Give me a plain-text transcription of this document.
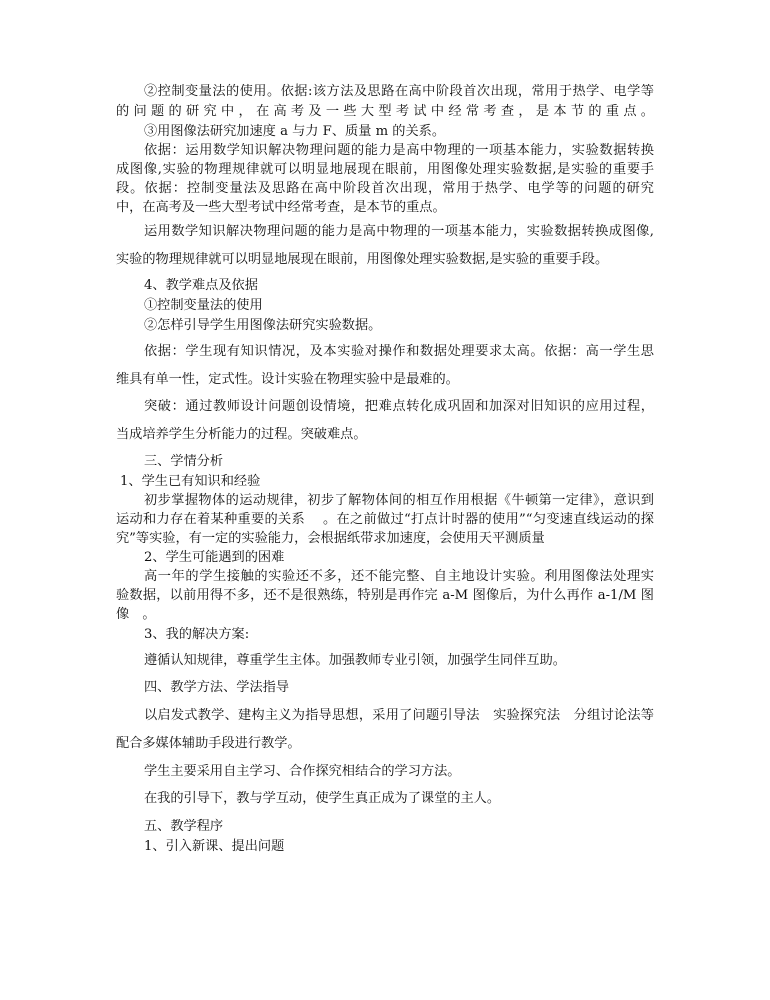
②控制变量法的使用。依据:该方法及思路在高中阶段首次出现，常用于热学、电学等
的问题的研究中，在高考及一些大型考试中经常考查，是本节的重点。
③用图像法研究加速度 a 与力 F、质量 m 的关系。
依据：运用数学知识解决物理问题的能力是高中物理的一项基本能力，实验数据转换
成图像,实验的物理规律就可以明显地展现在眼前，用图像处理实验数据,是实验的重要手
段。依据：控制变量法及思路在高中阶段首次出现，常用于热学、电学等的问题的研究
中，在高考及一些大型考试中经常考查，是本节的重点。
运用数学知识解决物理问题的能力是高中物理的一项基本能力，实验数据转换成图像,
实验的物理规律就可以明显地展现在眼前，用图像处理实验数据,是实验的重要手段。
4、教学难点及依据
①控制变量法的使用
②怎样引导学生用图像法研究实验数据。
依据：学生现有知识情况，及本实验对操作和数据处理要求太高。依据：高一学生思
维具有单一性，定式性。设计实验在物理实验中是最难的。
突破：通过教师设计问题创设情境，把难点转化成巩固和加深对旧知识的应用过程，
当成培养学生分析能力的过程。突破难点。
三、学情分析
1、学生已有知识和经验
初步掌握物体的运动规律，初步了解物体间的相互作用根据《牛顿第一定律》，意识到
运动和力存在着某种重要的关系　 。在之前做过“打点计时器的使用”“匀变速直线运动的探
究”等实验，有一定的实验能力，会根据纸带求加速度，会使用天平测质量
2、学生可能遇到的困难
高一年的学生接触的实验还不多，还不能完整、自主地设计实验。利用图像法处理实
验数据，以前用得不多，还不是很熟练，特别是再作完 a-M 图像后，为什么再作 a-1/M 图
像　。
3、我的解决方案:
遵循认知规律，尊重学生主体。加强教师专业引领，加强学生同伴互助。
四、教学方法、学法指导
以启发式教学、建构主义为指导思想，采用了问题引导法　实验探究法　分组讨论法等
配合多媒体辅助手段进行教学。
学生主要采用自主学习、合作探究相结合的学习方法。
在我的引导下，教与学互动，使学生真正成为了课堂的主人。
五、教学程序
1、引入新课、提出问题
